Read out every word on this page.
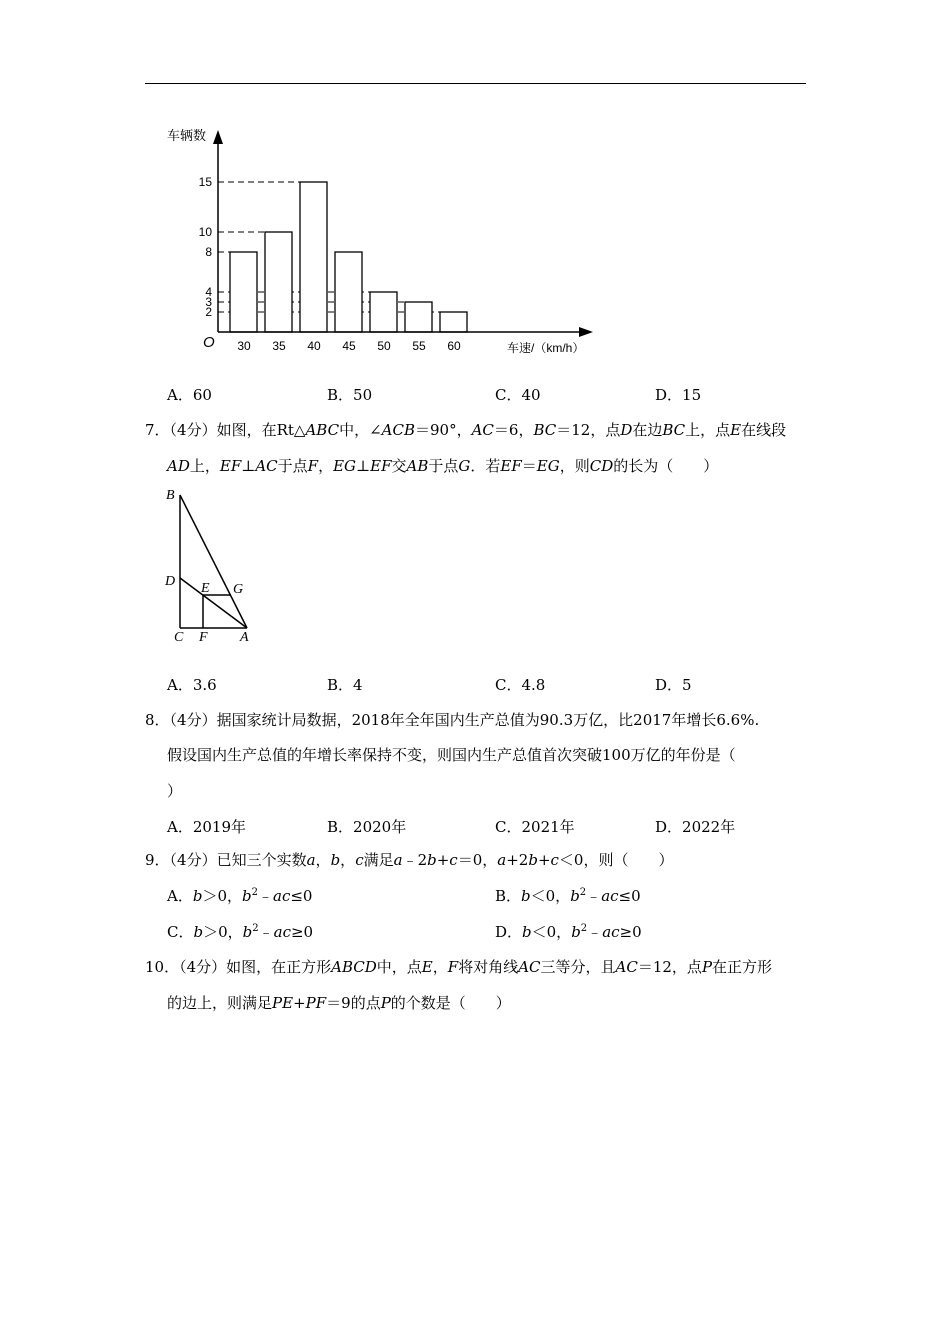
车辆数
O	车速/（km/h）
2
3
4
8
10
15
30 35 40 45 50 55 60
A．60	B．50	C．40	D．15
7．（4分）如图，在Rt△ABC中，∠ACB＝90°，AC＝6，BC＝12，点D在边BC上，点E在线段
AD上，EF⊥AC于点F，EG⊥EF交AB于点G．若EF＝EG，则CD的长为（　　）
B
D E G
C F A
A．3.6	B．4	C．4.8	D．5
8．（4分）据国家统计局数据，2018年全年国内生产总值为90.3万亿，比2017年增长6.6%.
假设国内生产总值的年增长率保持不变，则国内生产总值首次突破100万亿的年份是（
）
A．2019年	B．2020年	C．2021年	D．2022年
9．（4分）已知三个实数a，b，c满足a﹣2b+c＝0，a+2b+c＜0，则（　　）
A．b＞0，$b^2﹣ac\le 0$	B．b＜0，$b^2﹣ac\le 0$
C．b＞0，$b^2﹣ac\ge 0$	D．b＜0，$b^2﹣ac\ge 0$
10．（4分）如图，在正方形ABCD中，点E，F将对角线AC三等分，且AC＝12，点P在正方形
的边上，则满足PE+PF＝9的点P的个数是（　　）
